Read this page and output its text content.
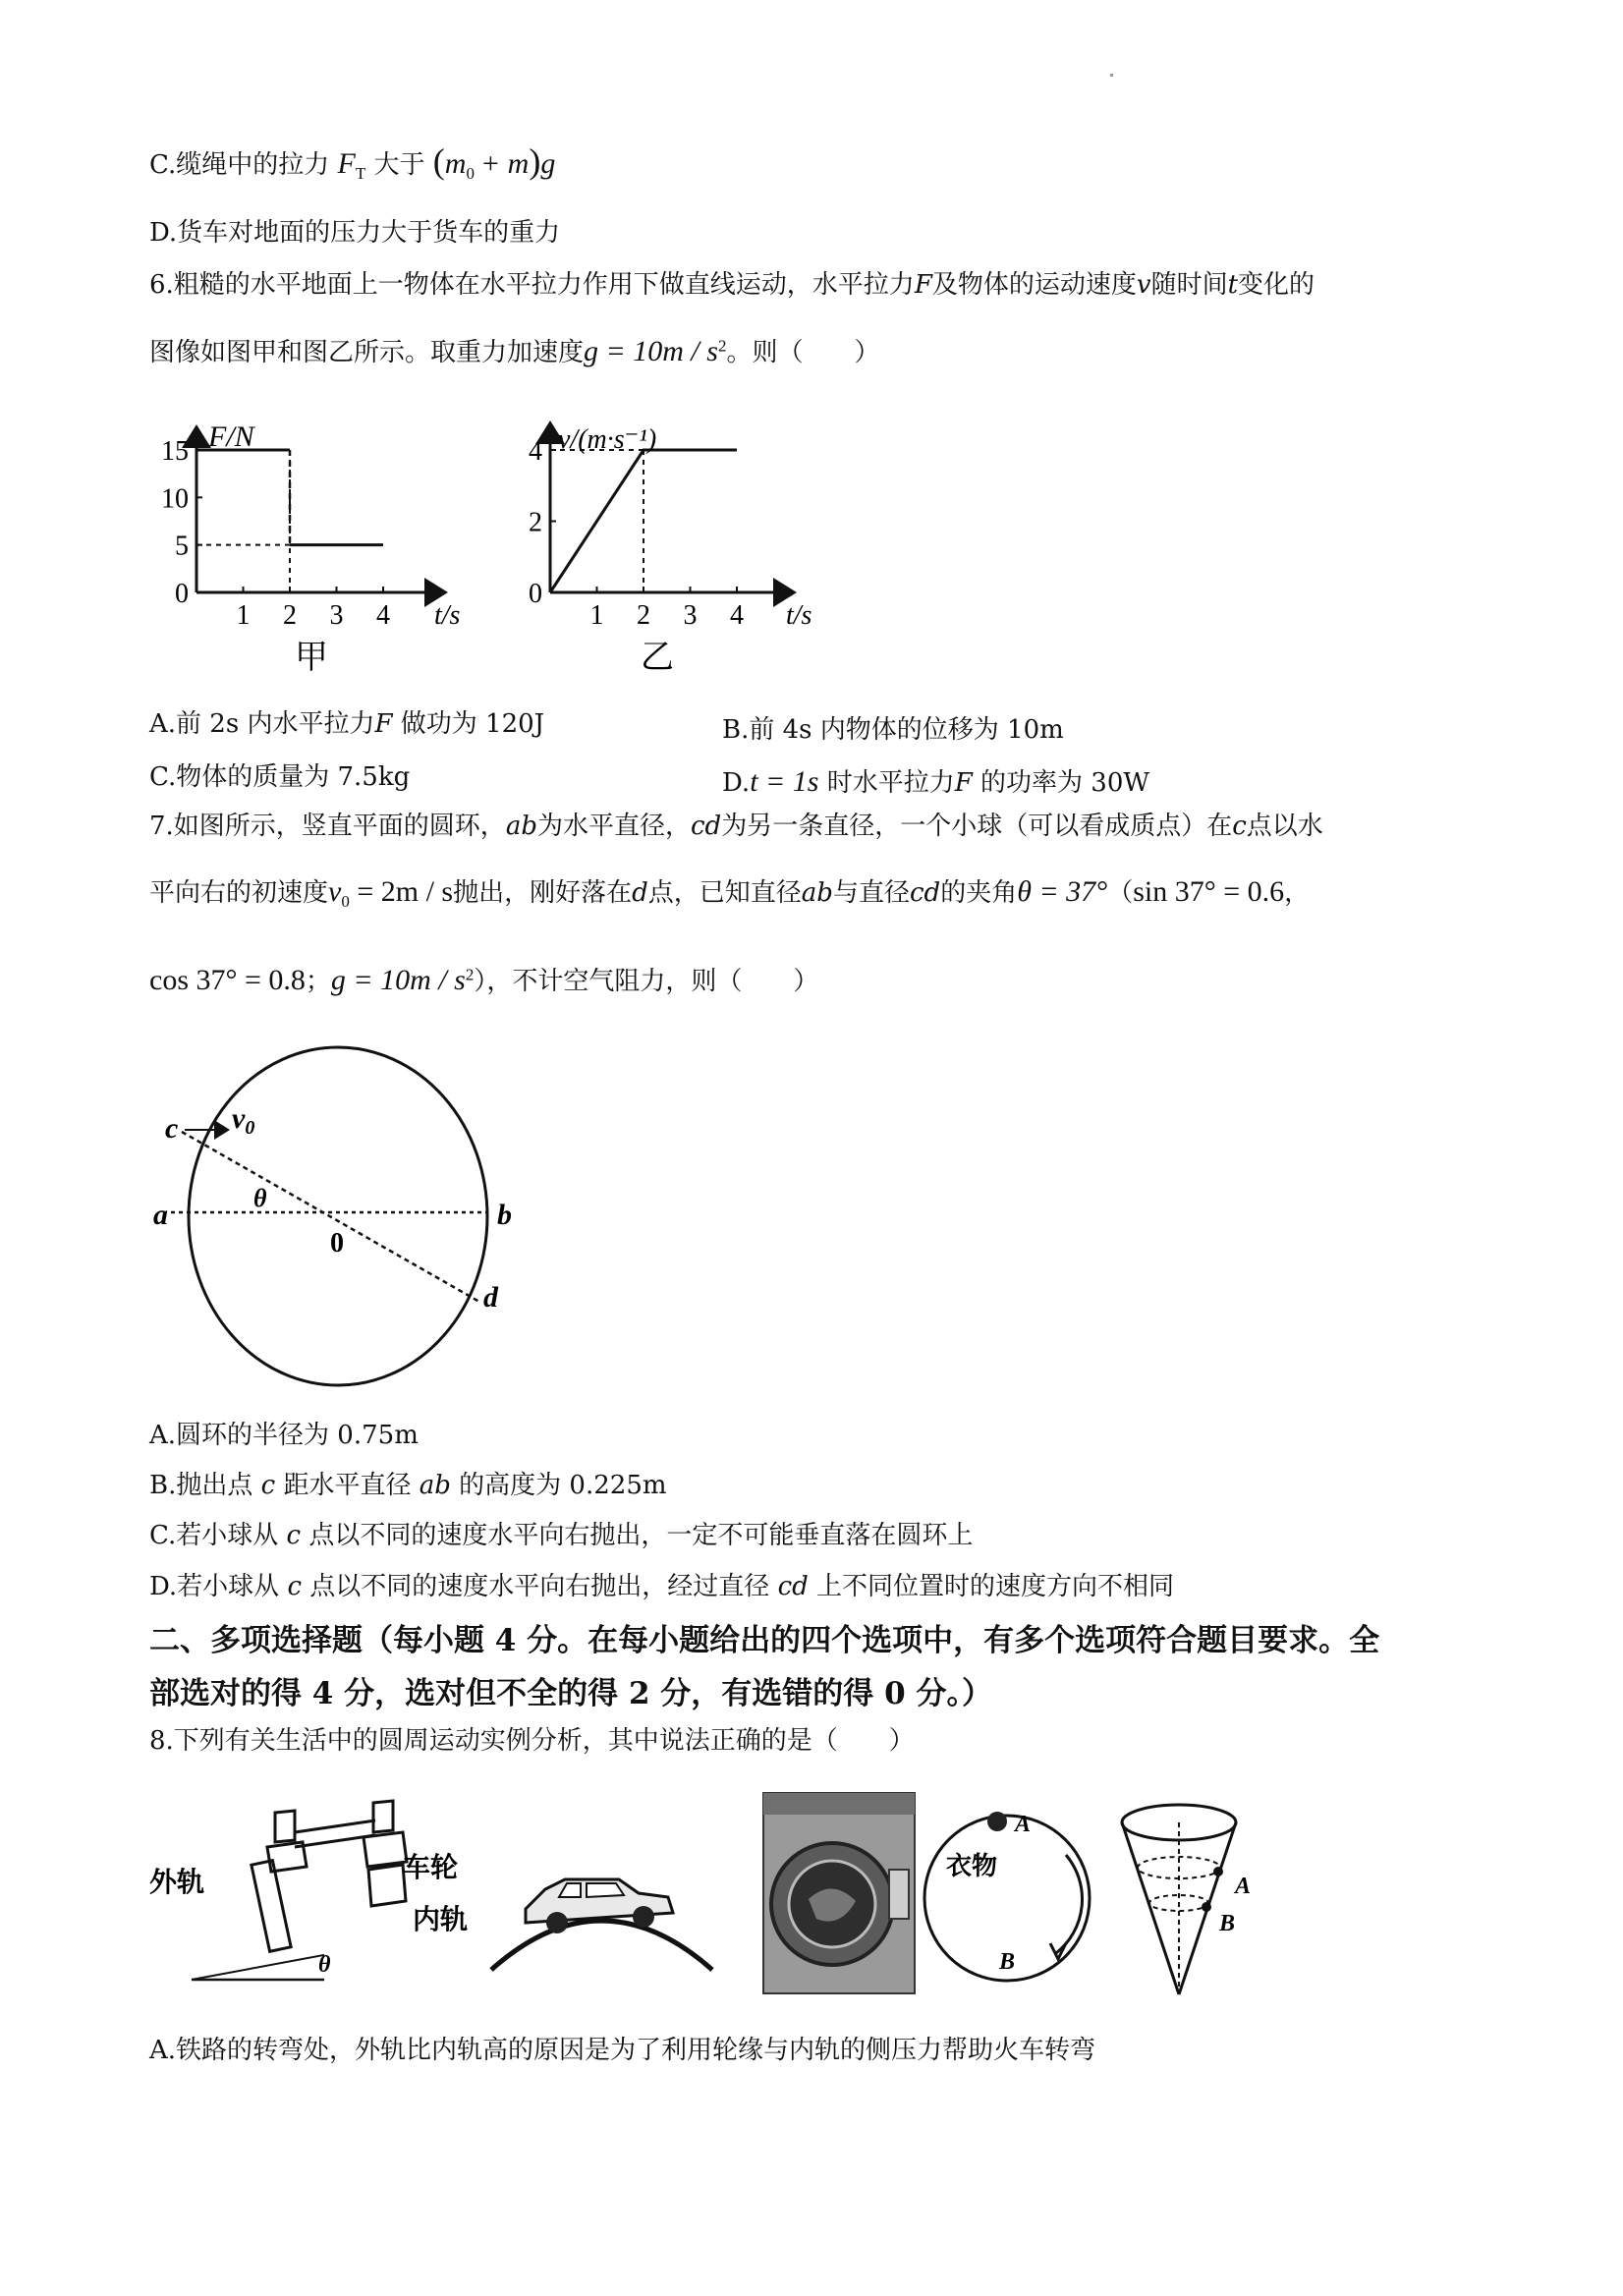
C.缆绳中的拉力 $F_T$ 大于 $(m_0 + m)g$
D.货车对地面的压力大于货车的重力
6.粗糙的水平地面上一物体在水平拉力作用下做直线运动，水平拉力F及物体的运动速度v随时间t变化的
图像如图甲和图乙所示。取重力加速度$g = 10m / s^2$。则（　　）
0
5
10
15
1 2 3 4
F/N
t/s
甲
0
2
4
1 2 3 4
v/(m·s⁻¹)
t/s
乙
A.前 2s 内水平拉力F 做功为 120J	B.前 4s 内物体的位移为 10m
C.物体的质量为 7.5kg	D.t = 1s 时水平拉力F 的功率为 30W
7.如图所示，竖直平面的圆环，ab为水平直径，cd为另一条直径，一个小球（可以看成质点）在c点以水
平向右的初速度$v_0 = 2m / s$抛出，刚好落在d点，已知直径ab与直径cd的夹角θ = 37°（sin 37° = 0.6，
cos 37° = 0.8；$g = 10m / s^2$），不计空气阻力，则（　　）
c $v_0$
a	b
θ
0
d
A.圆环的半径为 0.75m
B.抛出点 c 距水平直径 ab 的高度为 0.225m
C.若小球从 c 点以不同的速度水平向右抛出，一定不可能垂直落在圆环上
D.若小球从 c 点以不同的速度水平向右抛出，经过直径 cd 上不同位置时的速度方向不相同
二、多项选择题（每小题 4 分。在每小题给出的四个选项中，有多个选项符合题目要求。全
部选对的得 4 分，选对但不全的得 2 分，有选错的得 0 分。）
8.下列有关生活中的圆周运动实例分析，其中说法正确的是（　　）
外轨	车轮
内轨
θ
A
衣物
B
A
B
A.铁路的转弯处，外轨比内轨高的原因是为了利用轮缘与内轨的侧压力帮助火车转弯
